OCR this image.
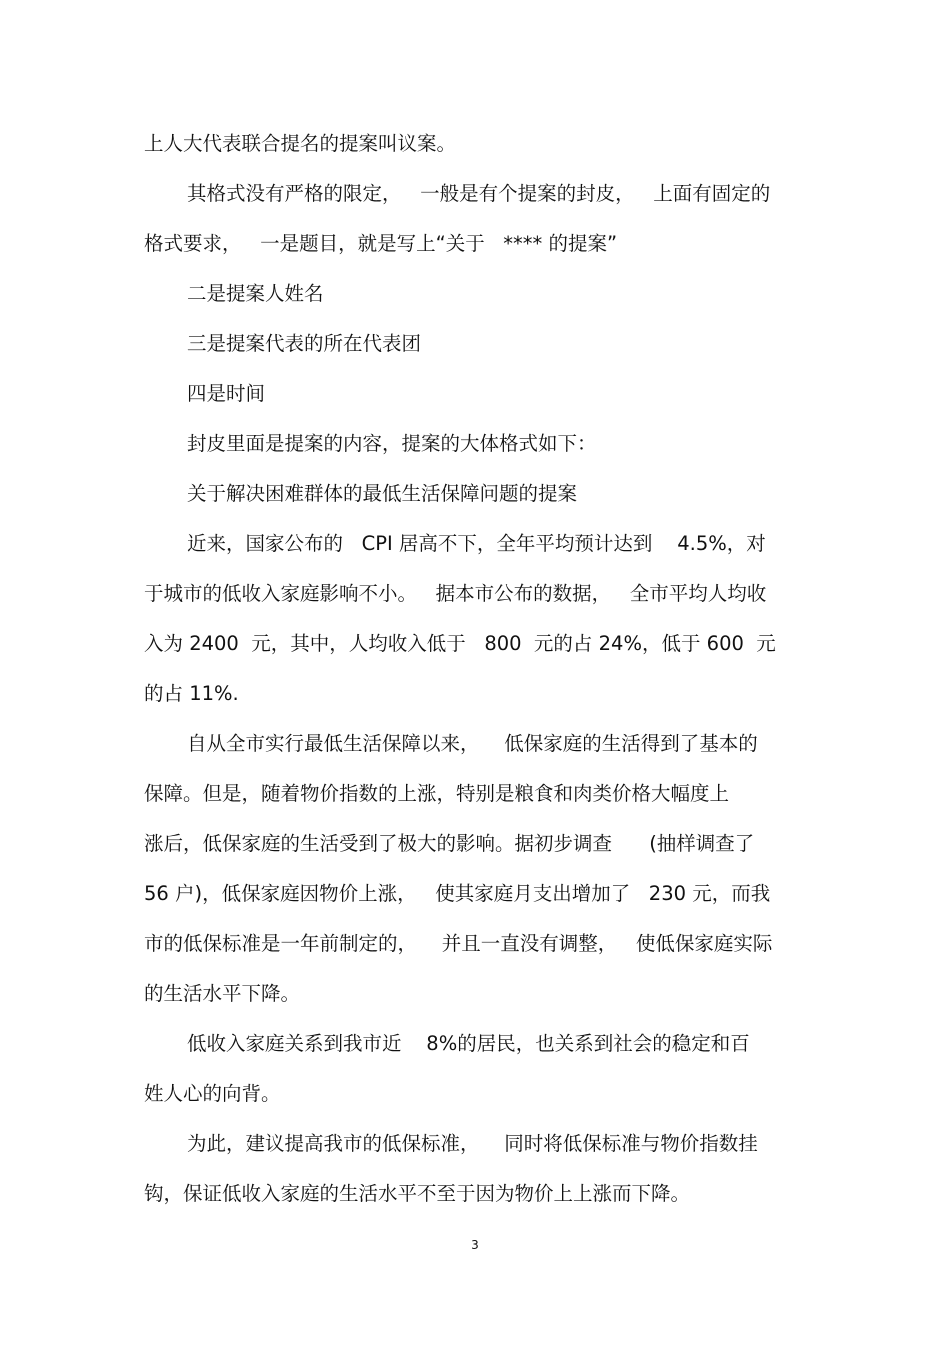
上人大代表联合提名的提案叫议案。
其格式没有严格的限定，   一般是有个提案的封皮，   上面有固定的
格式要求，   一是题目，就是写上“关于   **** 的提案”
二是提案人姓名
三是提案代表的所在代表团
四是时间
封皮里面是提案的内容，提案的大体格式如下：
关于解决困难群体的最低生活保障问题的提案
近来，国家公布的   CPI 居高不下，全年平均预计达到    4.5%，对
于城市的低收入家庭影响不小。   据本市公布的数据，   全市平均人均收
入为 2400  元，其中，人均收入低于   800  元的占 24%，低于 600  元
的占 11%.
自从全市实行最低生活保障以来，    低保家庭的生活得到了基本的
保障。但是，随着物价指数的上涨，特别是粮食和肉类价格大幅度上
涨后，低保家庭的生活受到了极大的影响。据初步调查      (抽样调查了
56 户)，低保家庭因物价上涨，   使其家庭月支出增加了   230 元，而我
市的低保标准是一年前制定的，    并且一直没有调整，   使低保家庭实际
的生活水平下降。
低收入家庭关系到我市近    8%的居民，也关系到社会的稳定和百
姓人心的向背。
为此，建议提高我市的低保标准，    同时将低保标准与物价指数挂
钩，保证低收入家庭的生活水平不至于因为物价上上涨而下降。
3
